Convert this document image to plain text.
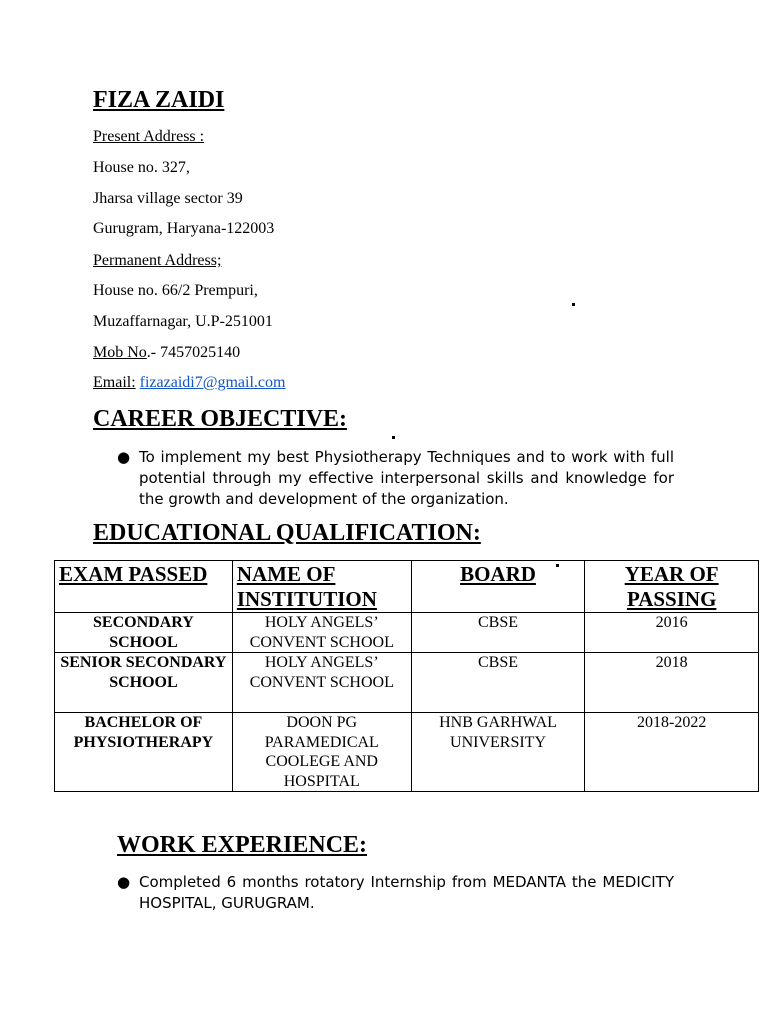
FIZA ZAIDI
Present Address :
House no. 327,
Jharsa village sector 39
Gurugram, Haryana-122003
Permanent Address;
House no. 66/2 Prempuri,
Muzaffarnagar, U.P-251001
Mob No.- 7457025140
Email: fizazaidi7@gmail.com
CAREER OBJECTIVE:
● To implement my best Physiotherapy Techniques and to work with full potential through my effective interpersonal skills and knowledge for the growth and development of the organization.
EDUCATIONAL QUALIFICATION:
EXAM PASSED	NAME OF INSTITUTION	BOARD	YEAR OF PASSING
SECONDARY SCHOOL	HOLY ANGELS’ CONVENT SCHOOL	CBSE	2016
SENIOR SECONDARY SCHOOL	HOLY ANGELS’ CONVENT SCHOOL	CBSE	2018
BACHELOR OF PHYSIOTHERAPY	DOON PG PARAMEDICAL COOLEGE AND HOSPITAL	HNB GARHWAL UNIVERSITY	2018-2022
WORK EXPERIENCE:
● Completed 6 months rotatory Internship from MEDANTA the MEDICITY HOSPITAL, GURUGRAM.
